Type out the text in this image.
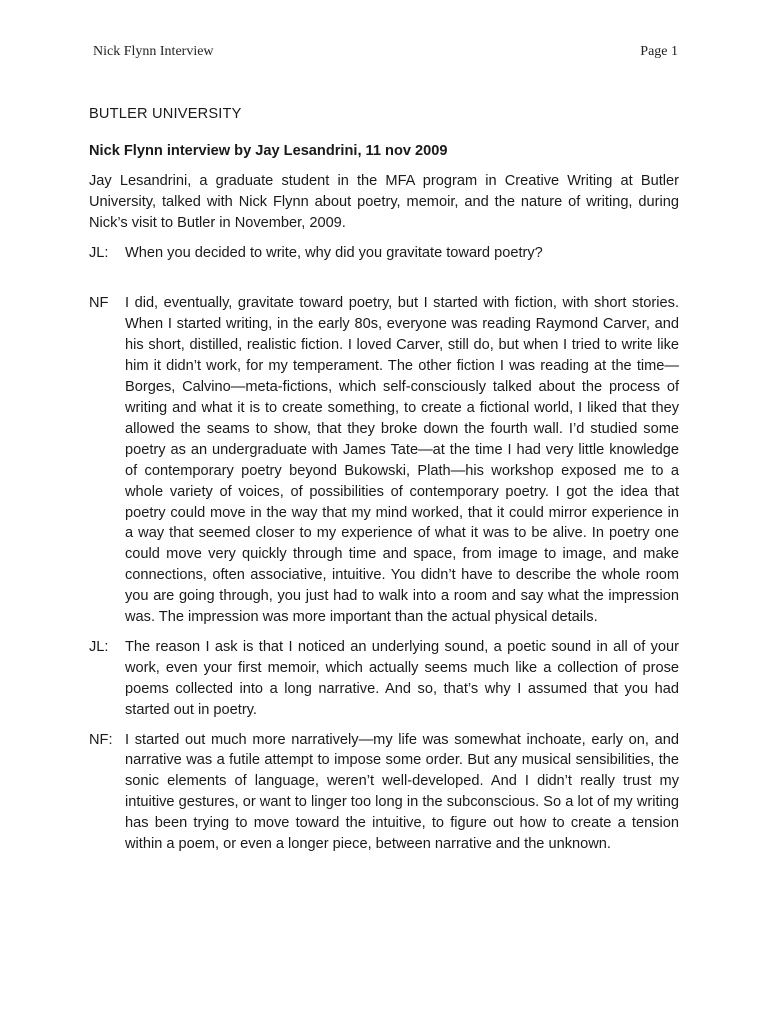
Nick Flynn Interview	Page 1
BUTLER UNIVERSITY
Nick Flynn interview by Jay Lesandrini, 11 nov 2009
Jay Lesandrini, a graduate student in the MFA program in Creative Writing at Butler University, talked with Nick Flynn about poetry, memoir, and the nature of writing, during Nick’s visit to Butler in November, 2009.
JL:	When you decided to write, why did you gravitate toward poetry?
NF	I did, eventually, gravitate toward poetry, but I started with fiction, with short stories. When I started writing, in the early 80s, everyone was reading Raymond Carver, and his short, distilled, realistic fiction. I loved Carver, still do, but when I tried to write like him it didn’t work, for my temperament. The other fiction I was reading at the time—Borges, Calvino—meta-fictions, which self-consciously talked about the process of writing and what it is to create something, to create a fictional world, I liked that they allowed the seams to show, that they broke down the fourth wall. I’d studied some poetry as an undergraduate with James Tate—at the time I had very little knowledge of contemporary poetry beyond Bukowski, Plath—his workshop exposed me to a whole variety of voices, of possibilities of contemporary poetry. I got the idea that poetry could move in the way that my mind worked, that it could mirror experience in a way that seemed closer to my experience of what it was to be alive. In poetry one could move very quickly through time and space, from image to image, and make connections, often associative, intuitive. You didn’t have to describe the whole room you are going through, you just had to walk into a room and say what the impression was. The impression was more important than the actual physical details.
JL:	The reason I ask is that I noticed an underlying sound, a poetic sound in all of your work, even your first memoir, which actually seems much like a collection of prose poems collected into a long narrative. And so, that’s why I assumed that you had started out in poetry.
NF: I started out much more narratively—my life was somewhat inchoate, early on, and narrative was a futile attempt to impose some order. But any musical sensibilities, the sonic elements of language, weren’t well-developed. And I didn’t really trust my intuitive gestures, or want to linger too long in the subconscious. So a lot of my writing has been trying to move toward the intuitive, to figure out how to create a tension within a poem, or even a longer piece, between narrative and the unknown.
